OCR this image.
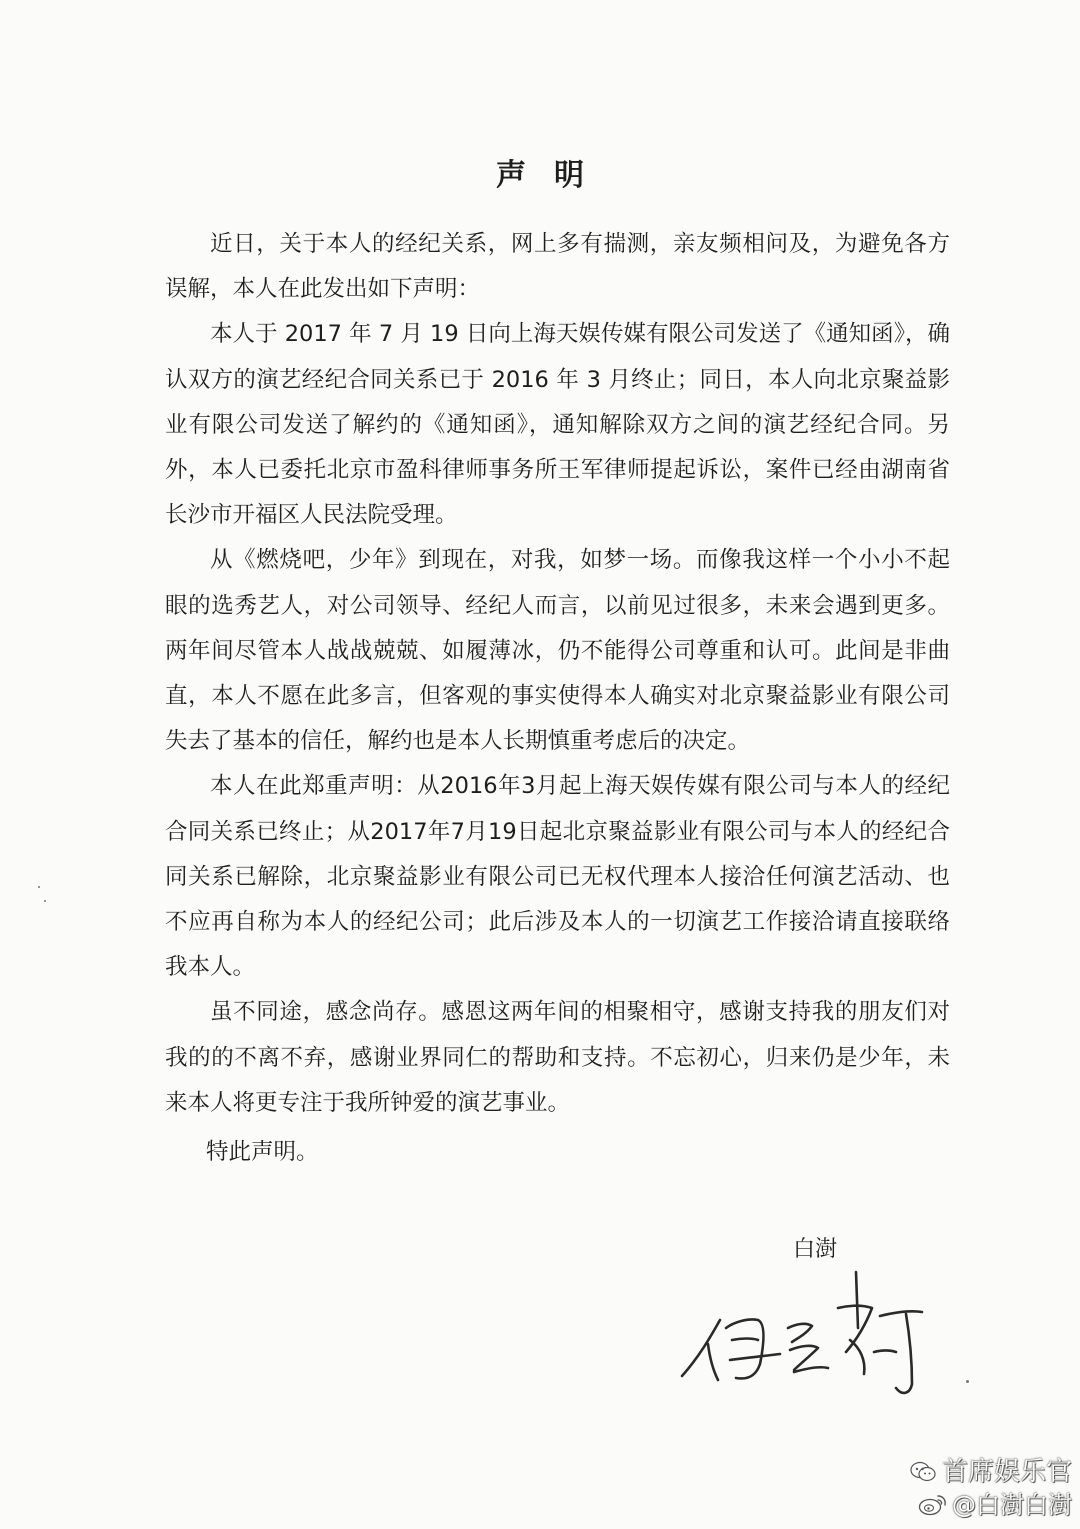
声明

近日，关于本人的经纪关系，网上多有揣测，亲友频相问及，为避免各方误解，本人在此发出如下声明：

本人于 2017 年 7 月 19 日向上海天娱传媒有限公司发送了《通知函》，确认双方的演艺经纪合同关系已于 2016 年 3 月终止；同日，本人向北京聚益影业有限公司发送了解约的《通知函》，通知解除双方之间的演艺经纪合同。另外，本人已委托北京市盈科律师事务所王军律师提起诉讼，案件已经由湖南省长沙市开福区人民法院受理。

从《燃烧吧，少年》到现在，对我，如梦一场。而像我这样一个小小不起眼的选秀艺人，对公司领导、经纪人而言，以前见过很多，未来会遇到更多。两年间尽管本人战战兢兢、如履薄冰，仍不能得公司尊重和认可。此间是非曲直，本人不愿在此多言，但客观的事实使得本人确实对北京聚益影业有限公司失去了基本的信任，解约也是本人长期慎重考虑后的决定。

本人在此郑重声明：从2016年3月起上海天娱传媒有限公司与本人的经纪合同关系已终止；从2017年7月19日起北京聚益影业有限公司与本人的经纪合同关系已解除，北京聚益影业有限公司已无权代理本人接洽任何演艺活动、也不应再自称为本人的经纪公司；此后涉及本人的一切演艺工作接洽请直接联络我本人。

虽不同途，感念尚存。感恩这两年间的相聚相守，感谢支持我的朋友们对我的的不离不弃，感谢业界同仁的帮助和支持。不忘初心，归来仍是少年，未来本人将更专注于我所钟爱的演艺事业。

特此声明。
白澍
首席娱乐官
@白澍白澍
